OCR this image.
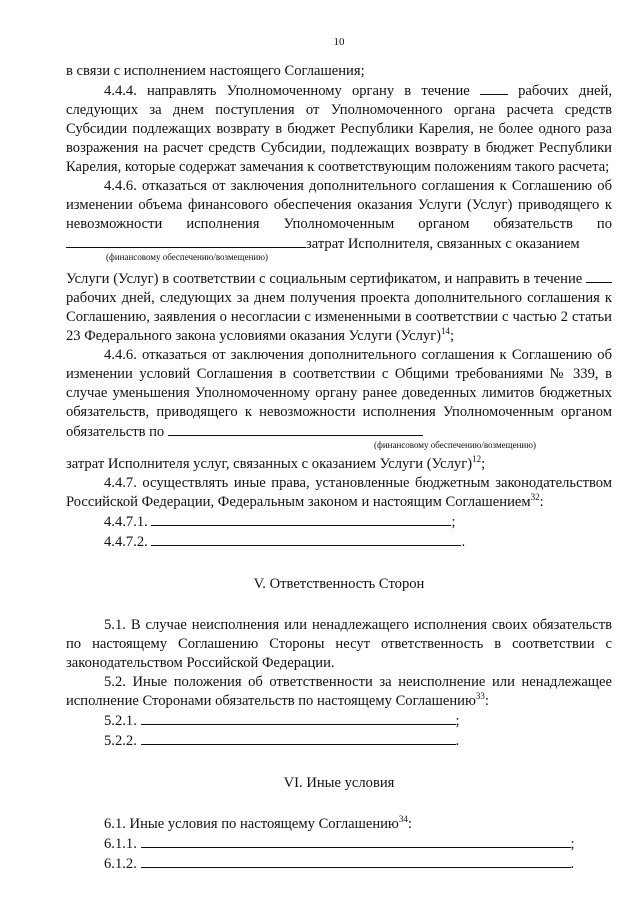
10

в связи с исполнением настоящего Соглашения;

4.4.4. направлять Уполномоченному органу в течение	рабочих дней, следующих за днем поступления от Уполномоченного органа расчета средств Субсидии подлежащих возврату в бюджет Республики Карелия, не более одного раза возражения на расчет средств Субсидии, подлежащих возврату в бюджет Республики Карелия, которые содержат замечания к соответствующим положениям такого расчета;

4.4.6. отказаться от заключения дополнительного соглашения к Соглашению об изменении объема финансового обеспечения оказания Услуги (Услуг) приводящего к невозможности исполнения Уполномоченным органом обязательств по затрат Исполнителя, связанных с оказанием

(финансовому обеспечению/возмещению)

Услуги (Услуг) в соответствии с социальным сертификатом, и направить в течение  рабочих дней, следующих за днем получения проекта дополнительного соглашения к Соглашению, заявления о несогласии с измененными в соответствии с частью 2 статьи 23 Федерального закона условиями оказания Услуги (Услуг)$^{14}$;

4.4.6. отказаться от заключения дополнительного соглашения к Соглашению об изменении условий Соглашения в соответствии с Общими требованиями № 339, в случае уменьшения Уполномоченному органу ранее доведенных лимитов бюджетных обязательств, приводящего к невозможности исполнения Уполномоченным органом обязательств по

(финансовому обеспечению/возмещению)

затрат Исполнителя услуг, связанных с оказанием Услуги (Услуг)$^{12}$;

4.4.7. осуществлять иные права, установленные бюджетным законодательством Российской Федерации, Федеральным законом и настоящим Соглашением$^{32}$:

4.4.7.1.	;
4.4.7.2.	.
V. Ответственность Сторон

5.1. В случае неисполнения или ненадлежащего исполнения своих обязательств по настоящему Соглашению Стороны несут ответственность в соответствии с законодательством Российской Федерации.

5.2. Иные положения об ответственности за неисполнение или ненадлежащее исполнение Сторонами обязательств по настоящему Соглашению$^{33}$:

5.2.1.	;
5.2.2.	.
VI. Иные условия

6.1. Иные условия по настоящему Соглашению$^{34}$:

6.1.1.	;
6.1.2.	.
